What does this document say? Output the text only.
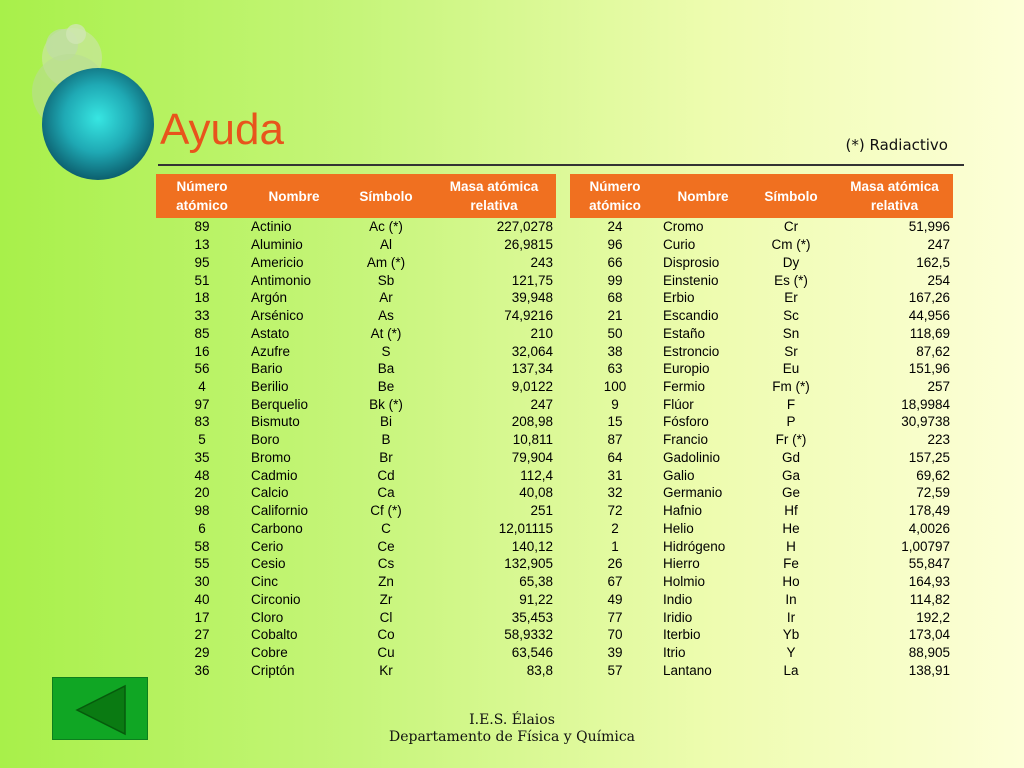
Ayuda	(*) Radiactivo
Número atómico	Nombre	Símbolo	Masa atómica relativa
89	Actinio	Ac (*)	227,0278
13	Aluminio	Al	26,9815
95	Americio	Am (*)	243
51	Antimonio	Sb	121,75
18	Argón	Ar	39,948
33	Arsénico	As	74,9216
85	Astato	At (*)	210
16	Azufre	S	32,064
56	Bario	Ba	137,34
4	Berilio	Be	9,0122
97	Berquelio	Bk (*)	247
83	Bismuto	Bi	208,98
5	Boro	B	10,811
35	Bromo	Br	79,904
48	Cadmio	Cd	112,4
20	Calcio	Ca	40,08
98	Californio	Cf (*)	251
6	Carbono	C	12,01115
58	Cerio	Ce	140,12
55	Cesio	Cs	132,905
30	Cinc	Zn	65,38
40	Circonio	Zr	91,22
17	Cloro	Cl	35,453
27	Cobalto	Co	58,9332
29	Cobre	Cu	63,546
36	Criptón	Kr	83,8
Número atómico	Nombre	Símbolo	Masa atómica relativa
24	Cromo	Cr	51,996
96	Curio	Cm (*)	247
66	Disprosio	Dy	162,5
99	Einstenio	Es (*)	254
68	Erbio	Er	167,26
21	Escandio	Sc	44,956
50	Estaño	Sn	118,69
38	Estroncio	Sr	87,62
63	Europio	Eu	151,96
100	Fermio	Fm (*)	257
9	Flúor	F	18,9984
15	Fósforo	P	30,9738
87	Francio	Fr (*)	223
64	Gadolinio	Gd	157,25
31	Galio	Ga	69,62
32	Germanio	Ge	72,59
72	Hafnio	Hf	178,49
2	Helio	He	4,0026
1	Hidrógeno	H	1,00797
26	Hierro	Fe	55,847
67	Holmio	Ho	164,93
49	Indio	In	114,82
77	Iridio	Ir	192,2
70	Iterbio	Yb	173,04
39	Itrio	Y	88,905
57	Lantano	La	138,91
I.E.S. Élaios
Departamento de Física y Química
